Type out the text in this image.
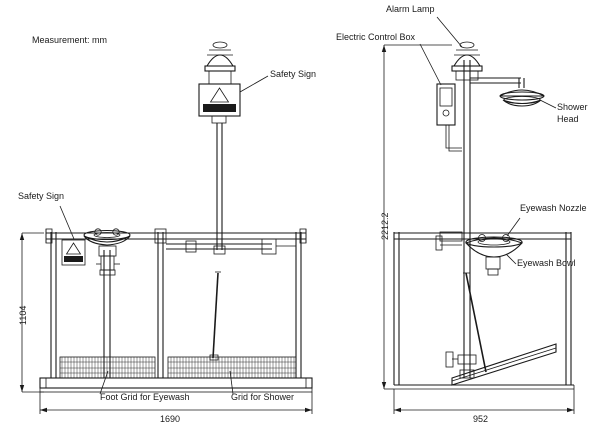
Measurement: mm
Safety Sign
Safety Sign
Foot Grid for Eyewash	Grid for Shower
Alarm Lamp
Electric Control Box
Shower
Head
Eyewash Nozzle
Eyewash Bowl
1104
1690
2212.2
952
